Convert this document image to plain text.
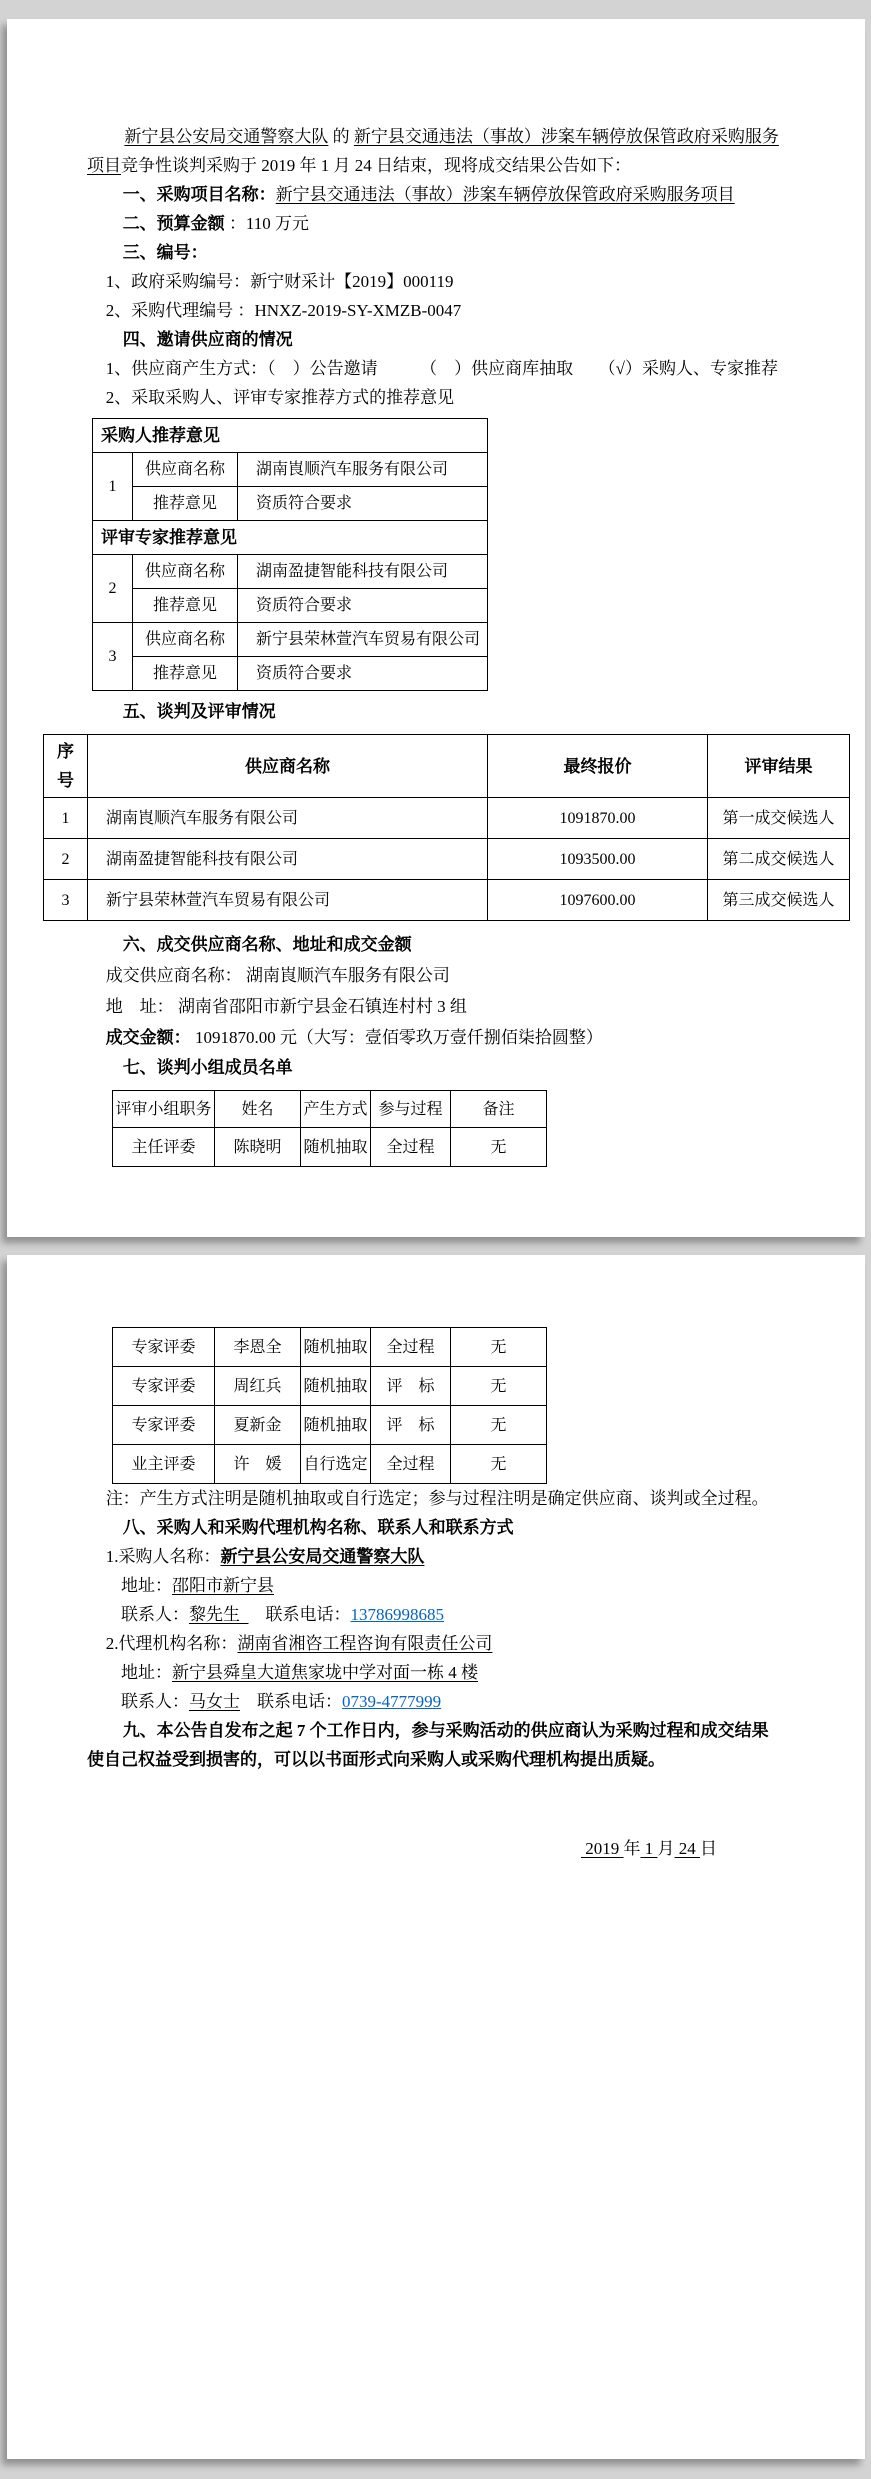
新宁县公安局交通警察大队 的 新宁县交通违法（事故）涉案车辆停放保管政府采购服务项目竞争性谈判采购于 2019 年 1 月 24 日结束，现将成交结果公告如下：

一、采购项目名称：新宁县交通违法（事故）涉案车辆停放保管政府采购服务项目

二、预算金额 ：110 万元

三、编号：

1、政府采购编号：新宁财采计【2019】000119

2、采购代理编号 ：HNXZ-2019-SY-XMZB-0047

四、邀请供应商的情况

1、供应商产生方式：（　）公告邀请　　　（　）供应商库抽取　　（√）采购人、专家推荐

2、采取采购人、评审专家推荐方式的推荐意见

采购人推荐意见		
1	供应商名称	湖南崀顺汽车服务有限公司
	推荐意见	资质符合要求
评审专家推荐意见		
2	供应商名称	湖南盈捷智能科技有限公司
	推荐意见	资质符合要求
3	供应商名称	新宁县荣林萱汽车贸易有限公司
	推荐意见	资质符合要求

五、谈判及评审情况

序号	供应商名称	最终报价	评审结果
1	湖南崀顺汽车服务有限公司	1091870.00	第一成交候选人
2	湖南盈捷智能科技有限公司	1093500.00	第二成交候选人
3	新宁县荣林萱汽车贸易有限公司	1097600.00	第三成交候选人

六、成交供应商名称、地址和成交金额

成交供应商名称： 湖南崀顺汽车服务有限公司

地　址： 湖南省邵阳市新宁县金石镇连村村 3 组

成交金额： 1091870.00 元（大写：壹佰零玖万壹仟捌佰柒拾圆整）

七、谈判小组成员名单

评审小组职务	姓名	产生方式	参与过程	备注
主任评委	陈晓明	随机抽取	全过程	无
专家评委	李恩全	随机抽取	全过程	无
专家评委	周红兵	随机抽取	评　标	无
专家评委	夏新金	随机抽取	评　标	无
业主评委	许　媛	自行选定	全过程	无

注：产生方式注明是随机抽取或自行选定；参与过程注明是确定供应商、谈判或全过程。

八、采购人和采购代理机构名称、联系人和联系方式

1.采购人名称：新宁县公安局交通警察大队

地址：邵阳市新宁县

联系人：黎先生  　联系电话：13786998685

2.代理机构名称：湖南省湘咨工程咨询有限责任公司

地址：新宁县舜皇大道焦家垅中学对面一栋 4 楼

联系人：马女士　联系电话：0739-4777999

九、本公告自发布之起 7 个工作日内，参与采购活动的供应商认为采购过程和成交结果使自己权益受到损害的，可以以书面形式向采购人或采购代理机构提出质疑。

2019 年 1 月 24 日
